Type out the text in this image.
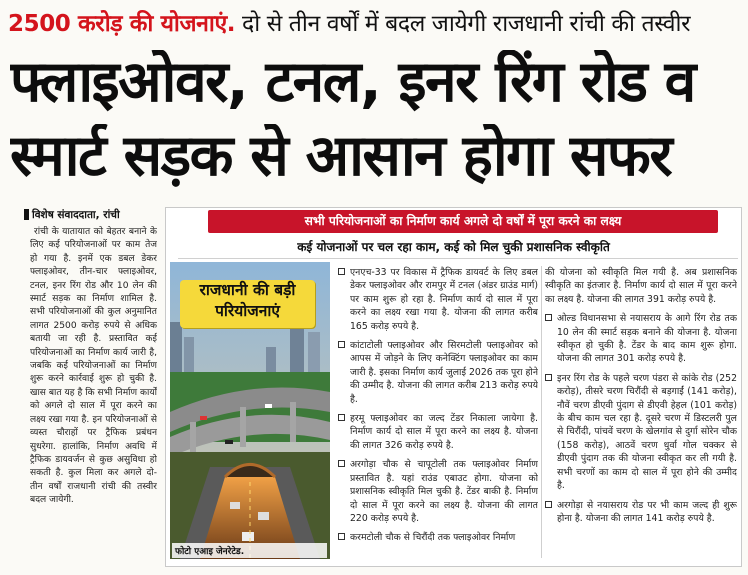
2500 करोड़ की योजनाएं. दो से तीन वर्षों में बदल जायेगी राजधानी रांची की तस्वीर
फ्लाइओवर, टनल, इनर रिंग रोड व
स्मार्ट सड़क से आसान होगा सफर
विशेष संवाददाता, रांची

रांची के यातायात को बेहतर बनाने के लिए कई परियोजनाओं पर काम तेज हो गया है. इनमें एक डबल डेकर फ्लाइओवर, तीन-चार फ्लाइओवर, टनल, इनर रिंग रोड और 10 लेन की स्मार्ट सड़क का निर्माण शामिल है. सभी परियोजनाओं की कुल अनुमानित लागत 2500 करोड़ रुपये से अधिक बतायी जा रही है. प्रस्तावित कई परियोजनाओं का निर्माण कार्य जारी है, जबकि कई परियोजनाओं का निर्माण शुरू करने कार्रवाई शुरू हो चुकी है. खास बात यह है कि सभी निर्माण कार्यों को अगले दो साल में पूरा करने का लक्ष्य रखा गया है. इन परियोजनाओं से व्यस्त चौराहों पर ट्रैफिक प्रबंधन सुधरेगा. हालांकि, निर्माण अवधि में ट्रैफिक डायवर्जन से कुछ असुविधा हो सकती है. कुल मिला कर अगले दो-तीन वर्षों राजधानी रांची की तस्वीर बदल जायेगी.

सभी परियोजनाओं का निर्माण कार्य अगले दो वर्षों में पूरा करने का लक्ष्य
कई योजनाओं पर चल रहा काम, कई को मिल चुकी प्रशासनिक स्वीकृति
राजधानी की बड़ी
परियोजनाएं
फोटो एआइ जेनरेटेड.
एनएच-33 पर विकास में ट्रैफिक डायवर्ट के लिए डबल डेकर फ्लाइओवर और रामपुर में टनल (अंडर ग्राउंड मार्ग) पर काम शुरू हो रहा है. निर्माण कार्य दो साल में पूरा करने का लक्ष्य रखा गया है. योजना की लागत करीब 165 करोड़ रुपये है.
कांटाटोली फ्लाइओवर और सिरमटोली फ्लाइओवर को आपस में जोड़ने के लिए कनेक्टिंग फ्लाइओवर का काम जारी है. इसका निर्माण कार्य जुलाई 2026 तक पूरा होने की उम्मीद है. योजना की लागत करीब 213 करोड़ रुपये है.
हरमू फ्लाइओवर का जल्द टेंडर निकाला जायेगा है. निर्माण कार्य दो साल में पूरा करने का लक्ष्य है. योजना की लागत 326 करोड़ रुपये है.
अरगोड़ा चौक से चापूटोली तक फ्लाइओवर निर्माण प्रस्तावित है. यहां राउंड एबाउट होगा. योजना को प्रशासनिक स्वीकृति मिल चुकी है. टेंडर बाकी है. निर्माण दो साल में पूरा करने का लक्ष्य है. योजना की लागत 220 करोड़ रुपये है.
करमटोली चौक से चिरौंदी तक फ्लाइओवर निर्माण
की योजना को स्वीकृति मिल गयी है. अब प्रशासनिक स्वीकृति का इंतजार है. निर्माण कार्य दो साल में पूरा करने का लक्ष्य है. योजना की लागत 391 करोड़ रुपये है.
ओल्ड विधानसभा से नयासराय के आगे रिंग रोड तक 10 लेन की स्मार्ट सड़क बनाने की योजना है. योजना स्वीकृत हो चुकी है. टेंडर के बाद काम शुरू होगा. योजना की लागत 301 करोड़ रुपये है.
इनर रिंग रोड के पहले चरण पंडरा से कांके रोड (252 करोड़), तीसरे चरण चिरौंदी से बड़गाईं (141 करोड़), नौवें चरण डीएवी पुंदाग से डीएवी हेहल (101 करोड़) के बीच काम चल रहा है. दूसरे चरण में डिस्टलरी पुल से चिरौंदी, पांचवें चरण के खेलगांव से दुर्गा सोरेन चौक (158 करोड़), आठवें चरण धुर्वा गोल चक्कर से डीएवी पुंदाग तक की योजना स्वीकृत कर ली गयी है. सभी चरणों का काम दो साल में पूरा होने की उम्मीद है.
अरगोड़ा से नयासराय रोड पर भी काम जल्द ही शुरू होना है. योजना की लागत 141 करोड़ रुपये है.
